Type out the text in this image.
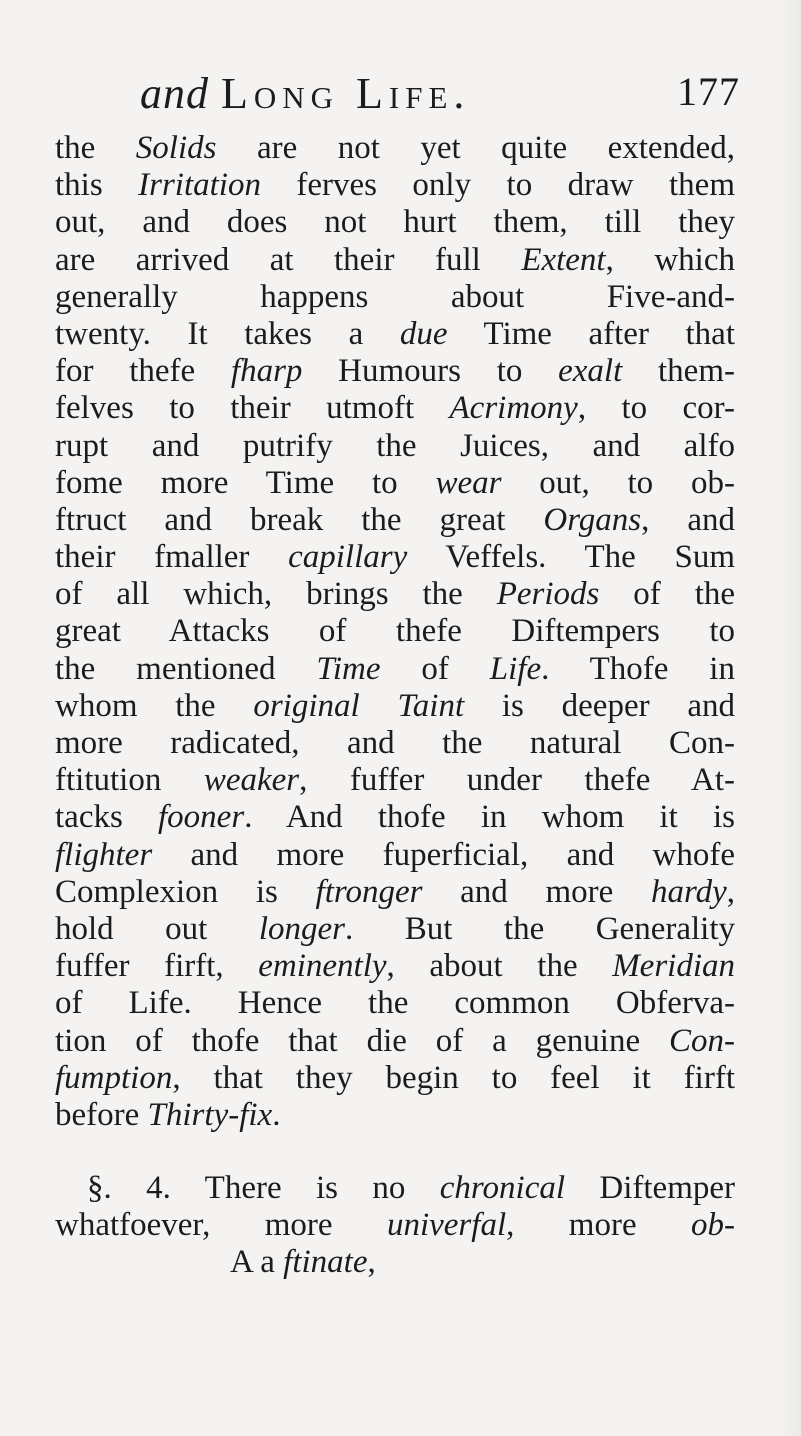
and Long Life.	177
the Solids are not yet quite extended,
this Irritation ferves only to draw them
out, and does not hurt them, till they
are arrived at their full Extent, which
generally happens about Five-and-
twenty. It takes a due Time after that
for thefe fharp Humours to exalt them-
felves to their utmoft Acrimony, to cor-
rupt and putrify the Juices, and alfo
fome more Time to wear out, to ob-
ftruct and break the great Organs, and
their fmaller capillary Veffels. The Sum
of all which, brings the Periods of the
great Attacks of thefe Diftempers to
the mentioned Time of Life. Thofe in
whom the original Taint is deeper and
more radicated, and the natural Con-
ftitution weaker, fuffer under thefe At-
tacks fooner. And thofe in whom it is
flighter and more fuperficial, and whofe
Complexion is ftronger and more hardy,
hold out longer. But the Generality
fuffer firft, eminently, about the Meridian
of Life. Hence the common Obferva-
tion of thofe that die of a genuine Con-
fumption, that they begin to feel it firft
before Thirty-fix.
§. 4. There is no chronical Diftemper
whatfoever, more univerfal, more ob-
A a ftinate,
